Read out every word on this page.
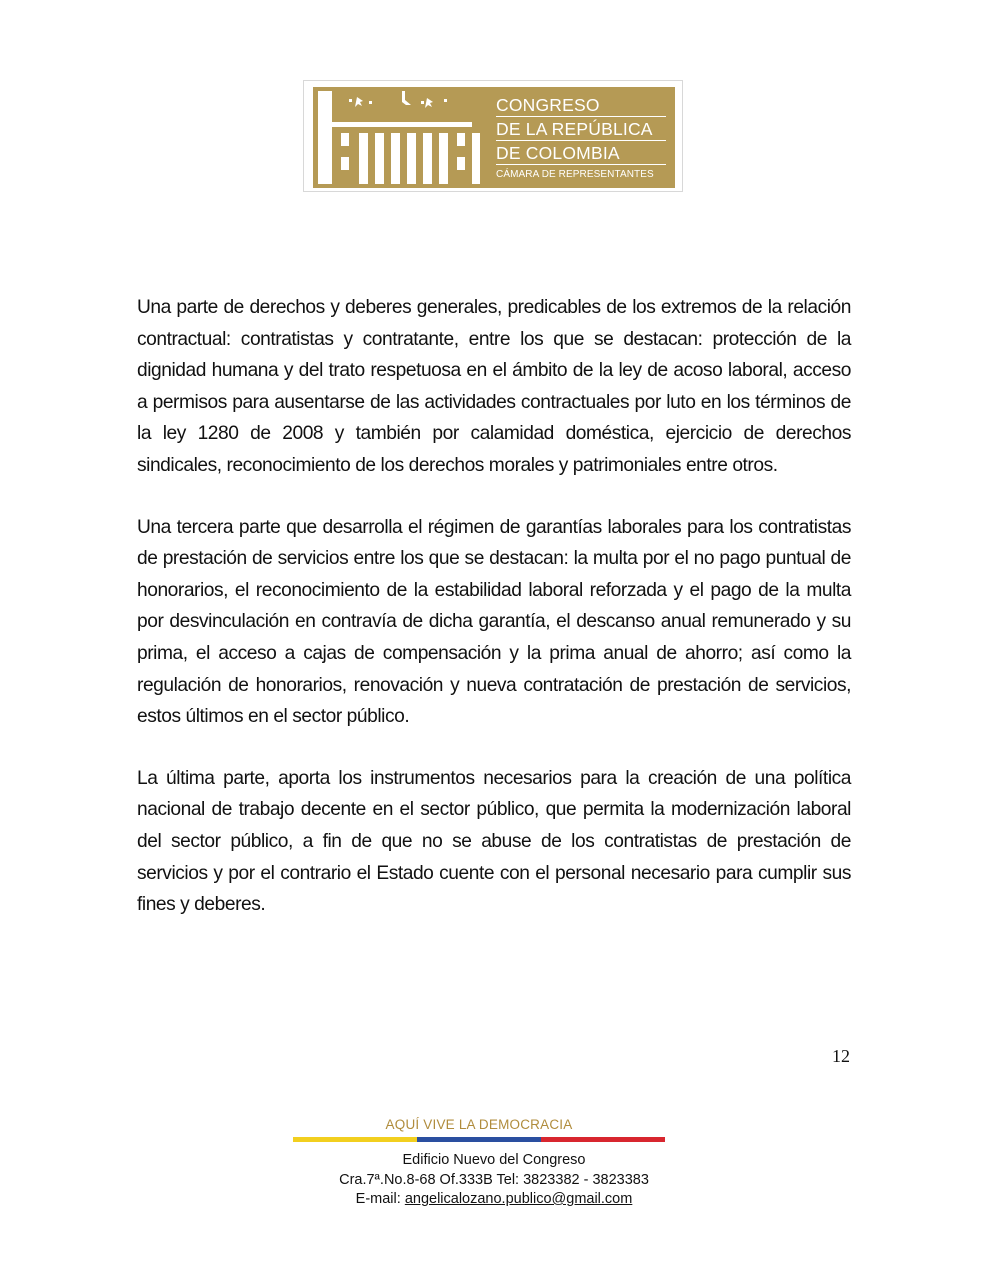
CONGRESO
DE LA REPÚBLICA
DE COLOMBIA
CÁMARA DE REPRESENTANTES

Una parte de derechos y deberes generales, predicables de los extremos de la relación contractual: contratistas y contratante, entre los que se destacan: protección de la dignidad humana y del trato respetuosa en el ámbito de la ley de acoso laboral, acceso a permisos para ausentarse de las actividades contractuales por luto en los términos de la ley 1280 de 2008 y también por calamidad doméstica, ejercicio de derechos sindicales, reconocimiento de los derechos morales y patrimoniales entre otros.

Una tercera parte que desarrolla el régimen de garantías laborales para los contratistas de prestación de servicios entre los que se destacan: la multa por el no pago puntual de honorarios, el reconocimiento de la estabilidad laboral reforzada y el pago de la multa por desvinculación en contravía de dicha garantía, el descanso anual remunerado y su prima, el acceso a cajas de compensación y la prima anual de ahorro; así como la regulación de honorarios, renovación y nueva contratación de prestación de servicios, estos últimos en el sector público.

La última parte, aporta los instrumentos necesarios para la creación de una política nacional de trabajo decente en el sector público, que permita la modernización laboral del sector público, a fin de que no se abuse de los contratistas de prestación de servicios y por el contrario el Estado cuente con el personal necesario para cumplir sus fines y deberes.

12
AQUÍ VIVE LA DEMOCRACIA
Edificio Nuevo del Congreso
Cra.7ª.No.8-68 Of.333B Tel: 3823382 - 3823383
E-mail: angelicalozano.publico@gmail.com
